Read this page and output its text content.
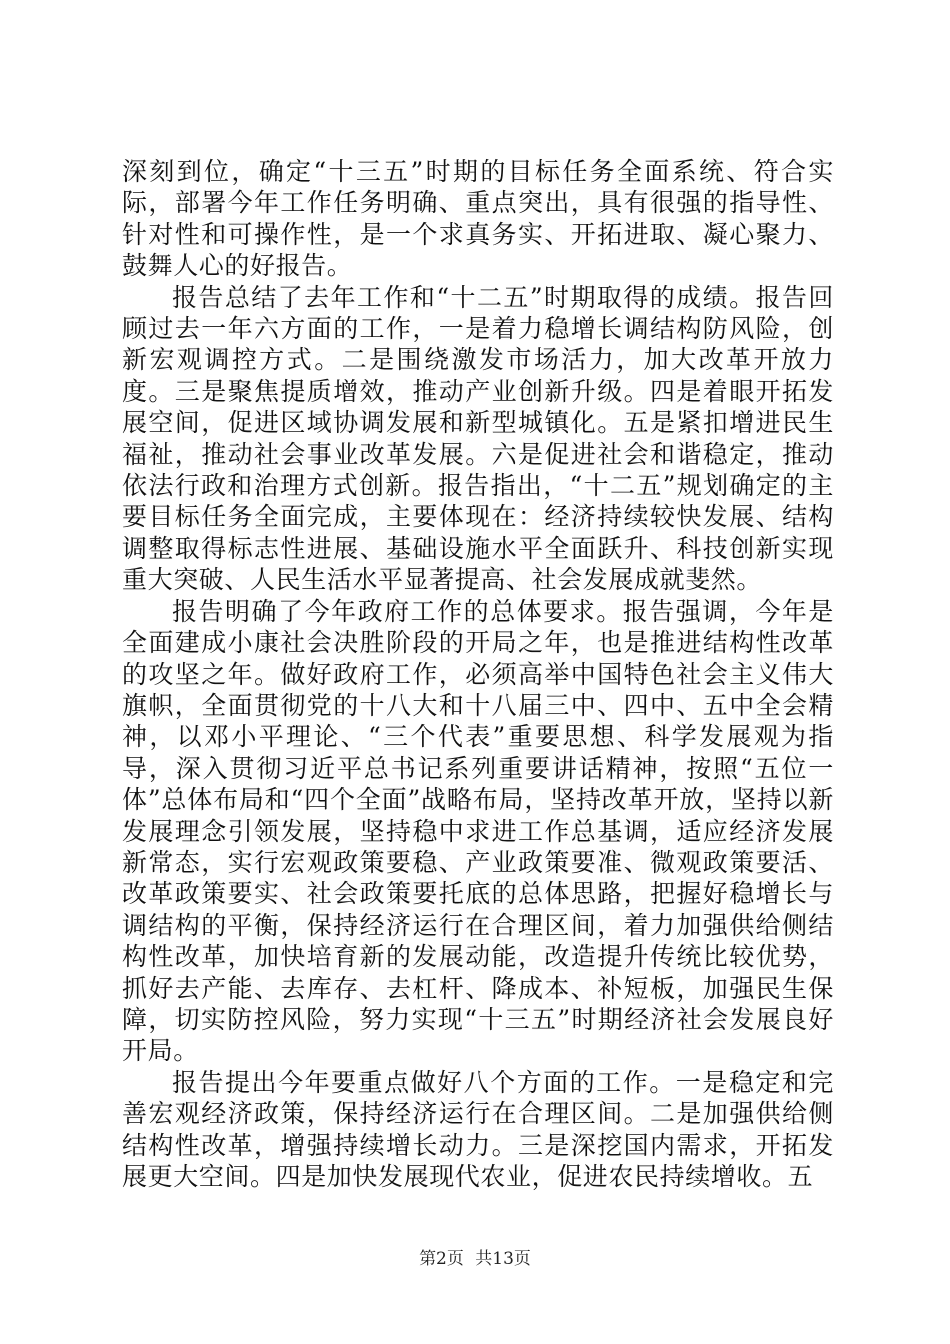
深刻到位，确定“十三五”时期的目标任务全面系统、符合实际，部署今年工作任务明确、重点突出，具有很强的指导性、针对性和可操作性，是一个求真务实、开拓进取、凝心聚力、鼓舞人心的好报告。

报告总结了去年工作和“十二五”时期取得的成绩。报告回顾过去一年六方面的工作，一是着力稳增长调结构防风险，创新宏观调控方式。二是围绕激发市场活力，加大改革开放力度。三是聚焦提质增效，推动产业创新升级。四是着眼开拓发展空间，促进区域协调发展和新型城镇化。五是紧扣增进民生福祉，推动社会事业改革发展。六是促进社会和谐稳定，推动依法行政和治理方式创新。报告指出，“十二五”规划确定的主要目标任务全面完成，主要体现在：经济持续较快发展、结构调整取得标志性进展、基础设施水平全面跃升、科技创新实现重大突破、人民生活水平显著提高、社会发展成就斐然。

报告明确了今年政府工作的总体要求。报告强调，今年是全面建成小康社会决胜阶段的开局之年，也是推进结构性改革的攻坚之年。做好政府工作，必须高举中国特色社会主义伟大旗帜，全面贯彻党的十八大和十八届三中、四中、五中全会精神，以邓小平理论、“三个代表”重要思想、科学发展观为指导，深入贯彻习近平总书记系列重要讲话精神，按照“五位一体”总体布局和“四个全面”战略布局，坚持改革开放，坚持以新发展理念引领发展，坚持稳中求进工作总基调，适应经济发展新常态，实行宏观政策要稳、产业政策要准、微观政策要活、改革政策要实、社会政策要托底的总体思路，把握好稳增长与调结构的平衡，保持经济运行在合理区间，着力加强供给侧结构性改革，加快培育新的发展动能，改造提升传统比较优势，抓好去产能、去库存、去杠杆、降成本、补短板，加强民生保障，切实防控风险，努力实现“十三五”时期经济社会发展良好开局。

报告提出今年要重点做好八个方面的工作。一是稳定和完善宏观经济政策，保持经济运行在合理区间。二是加强供给侧结构性改革，增强持续增长动力。三是深挖国内需求，开拓发展更大空间。四是加快发展现代农业，促进农民持续增收。五

第2页 共13页
